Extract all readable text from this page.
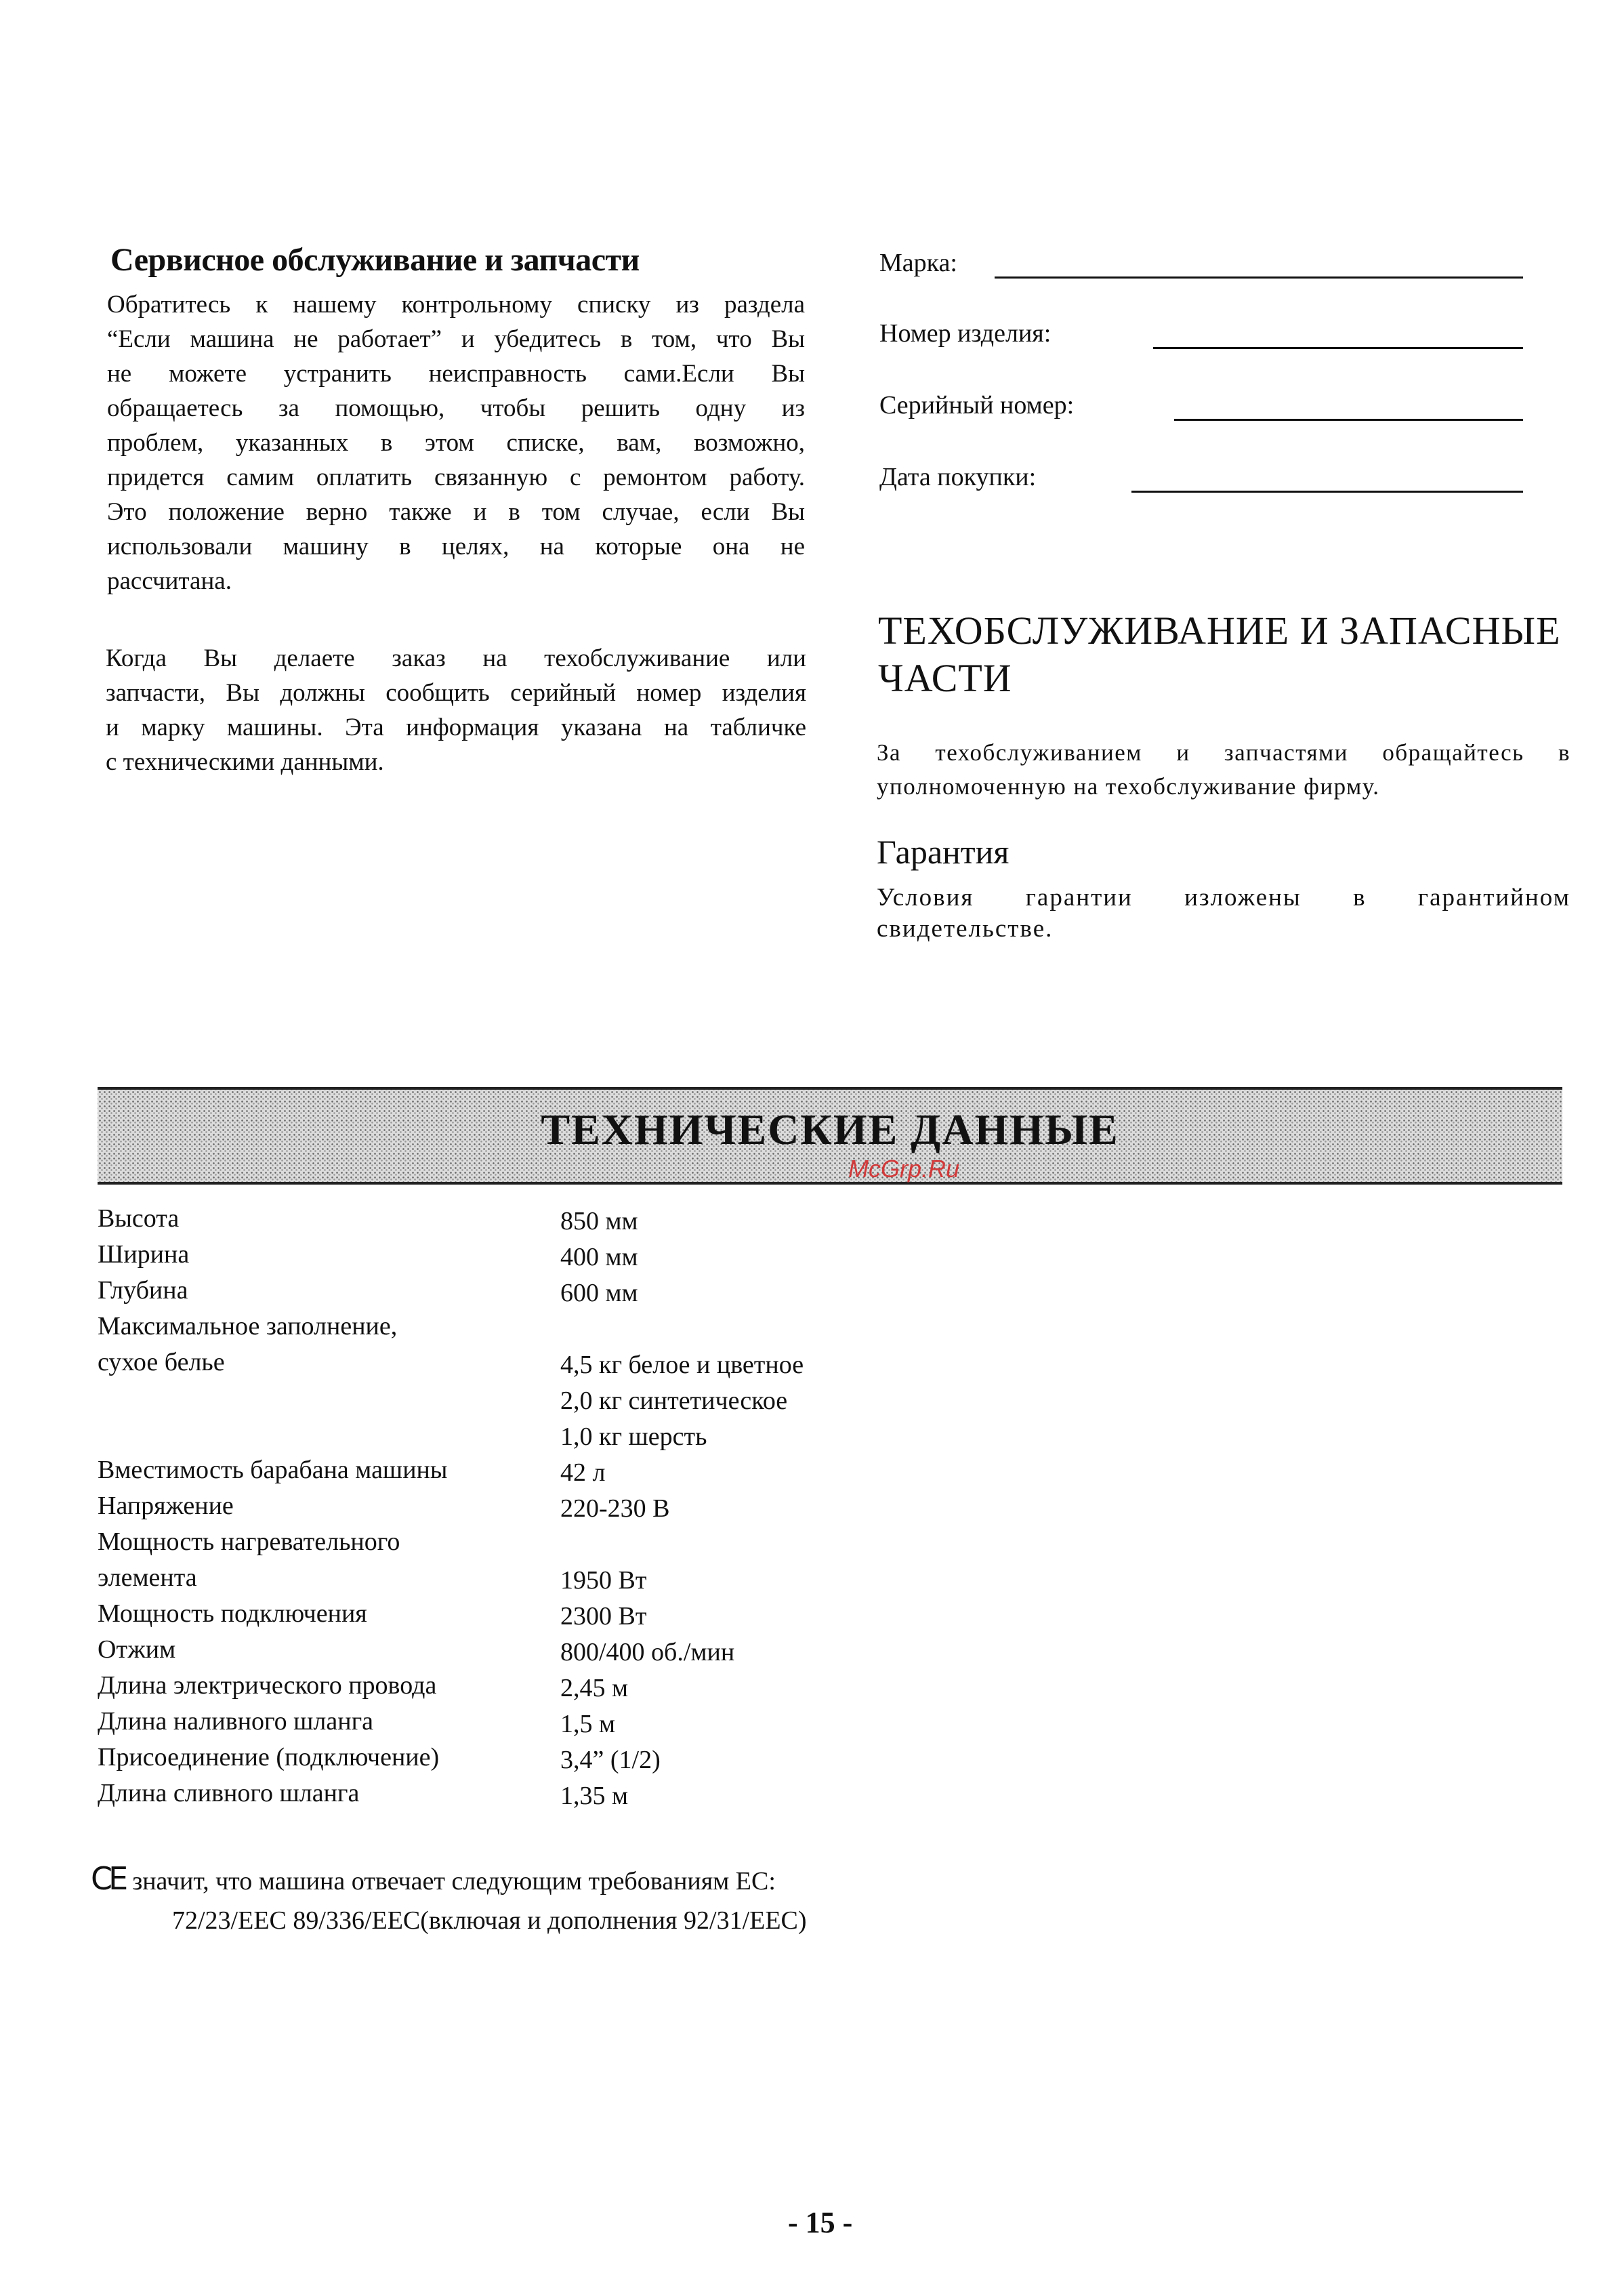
Сервисное обслуживание и запчасти
Обратитесь к нашему контрольному списку из раздела
“Если машина не работает” и убедитесь в том, что Вы
не можете устранить неисправность сами.Если Вы
обращаетесь за помощью, чтобы решить одну из
проблем, указанных в этом списке, вам, возможно,
придется самим оплатить связанную с ремонтом работу.
Это положение верно также и в том случае, если Вы
использовали машину в целях, на которые она не
рассчитана.
Когда Вы делаете заказ на техобслуживание или
запчасти, Вы должны сообщить серийный номер изделия
и марку машины. Эта информация указана на табличке
с техническими данными.
Марка:
Номер изделия:
Серийный номер:
Дата покупки:
ТЕХОБСЛУЖИВАНИЕ И ЗАПАСНЫЕ
ЧАСТИ
За техобслуживанием и запчастями обращайтесь в
уполномоченную на техобслуживание фирму.
Гарантия
Условия гарантии изложены в гарантийном
свидетельстве.
ТЕХНИЧЕСКИЕ ДАННЫЕ
McGrp.Ru
Высота	850 мм
Ширина	400 мм
Глубина	600 мм
Максимальное заполнение,
сухое белье	4,5 кг белое и цветное
2,0 кг синтетическое
1,0 кг шерсть
Вместимость барабана машины	42 л
Напряжение	220-230 В
Мощность нагревательного
элемента	1950 Вт
Мощность подключения	2300 Вт
Отжим	800/400 об./мин
Длина электрического провода	2,45 м
Длина наливного шланга	1,5 м
Присоединение (подключение)	3,4” (1/2)
Длина сливного шланга	1,35 м
CE значит, что машина отвечает следующим требованиям ЕС:
72/23/EEC 89/336/EEC(включая и дополнения 92/31/EEC)
- 15 -
